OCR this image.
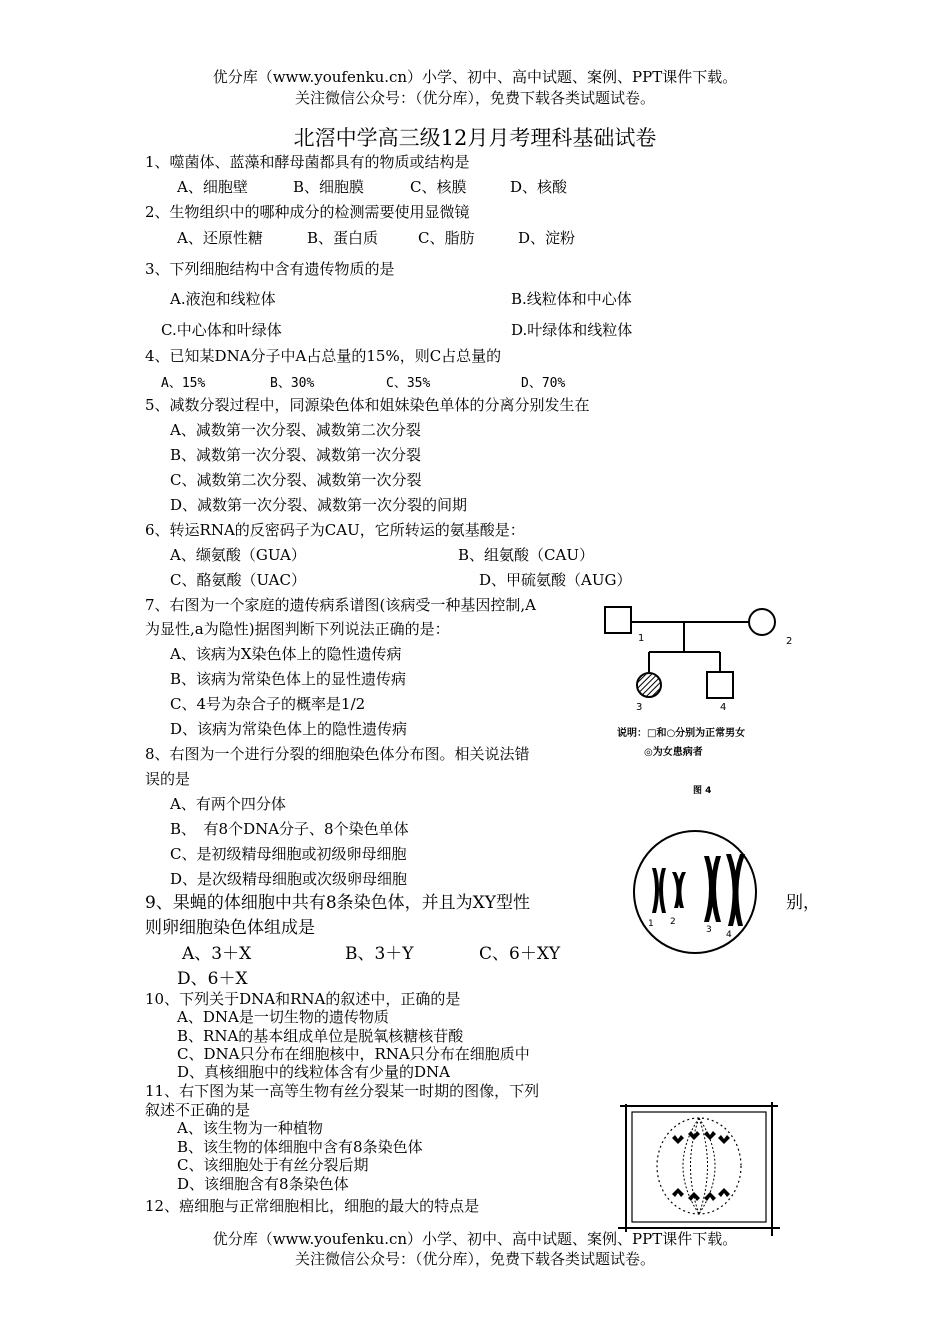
优分库（www.youfenku.cn）小学、初中、高中试题、案例、PPT课件下载。
关注微信公众号：（优分库），免费下载各类试题试卷。
北滘中学高三级12月月考理科基础试卷
1、噬菌体、蓝藻和酵母菌都具有的物质或结构是
A、细胞壁	B、细胞膜	C、核膜	D、核酸
2、生物组织中的哪种成分的检测需要使用显微镜
A、还原性糖	B、蛋白质	C、脂肪	D、淀粉
3、下列细胞结构中含有遗传物质的是
A.液泡和线粒体	B.线粒体和中心体
C.中心体和叶绿体	D.叶绿体和线粒体
4、已知某DNA分子中A占总量的15%，则C占总量的
A、15%	B、30%	C、35%	D、70%
5、减数分裂过程中，同源染色体和姐妹染色单体的分离分别发生在
A、减数第一次分裂、减数第二次分裂
B、减数第一次分裂、减数第一次分裂
C、减数第二次分裂、减数第一次分裂
D、减数第一次分裂、减数第一次分裂的间期
6、转运RNA的反密码子为CAU，它所转运的氨基酸是：
A、缬氨酸（GUA）	B、组氨酸（CAU）
C、酪氨酸（UAC）	D、甲硫氨酸（AUG）
7、右图为一个家庭的遗传病系谱图(该病受一种基因控制,A
为显性,a为隐性)据图判断下列说法正确的是：
A、该病为X染色体上的隐性遗传病
B、该病为常染色体上的显性遗传病
C、4号为杂合子的概率是1/2
D、该病为常染色体上的隐性遗传病
8、右图为一个进行分裂的细胞染色体分布图。相关说法错
误的是
A、有两个四分体
B、　有8个DNA分子、8个染色单体
C、是初级精母细胞或初级卵母细胞
D、是次级精母细胞或次级卵母细胞
9、果蝇的体细胞中共有8条染色体，并且为XY型性	别，
则卵细胞染色体组成是
A、3＋X	B、3＋Y	C、6＋XY
D、6＋X
10、下列关于DNA和RNA的叙述中，正确的是
A、DNA是一切生物的遗传物质
B、RNA的基本组成单位是脱氧核糖核苷酸
C、DNA只分布在细胞核中，RNA只分布在细胞质中
D、真核细胞中的线粒体含有少量的DNA
11、右下图为某一高等生物有丝分裂某一时期的图像，下列
叙述不正确的是
A、该生物为一种植物
B、该生物的体细胞中含有8条染色体
C、该细胞处于有丝分裂后期
D、该细胞含有8条染色体
12、癌细胞与正常细胞相比，细胞的最大的特点是
优分库（www.youfenku.cn）小学、初中、高中试题、案例、PPT课件下载。
关注微信公众号：（优分库），免费下载各类试题试卷。
1	2
3	4
说明：□和○分别为正常男女
◎为女患病者
图 4
1 2
3 4
